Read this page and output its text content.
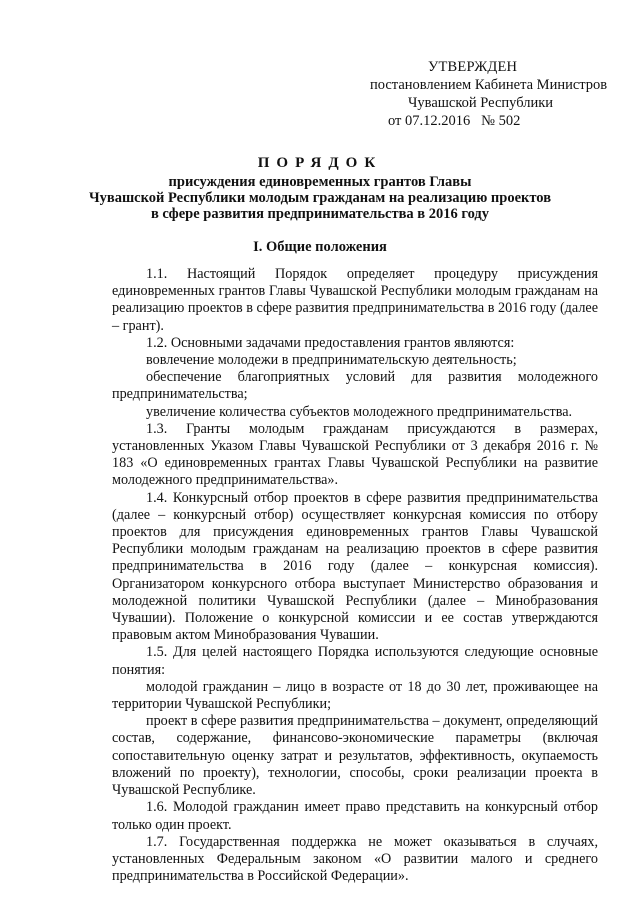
УТВЕРЖДЕН
постановлением Кабинета Министров
Чувашской Республики
от 07.12.2016   № 502
ПОРЯДОК
присуждения единовременных грантов Главы
Чувашской Республики молодым гражданам на реализацию проектов
в сфере развития предпринимательства в 2016 году
I. Общие положения

1.1. Настоящий Порядок определяет процедуру присуждения единовременных грантов Главы Чувашской Республики молодым гражданам на реализацию проектов в сфере развития предпринимательства в 2016 году (далее – грант).

1.2. Основными задачами предоставления грантов являются:

вовлечение молодежи в предпринимательскую деятельность;

обеспечение благоприятных условий для развития молодежного предпринимательства;

увеличение количества субъектов молодежного предпринимательства.

1.3. Гранты молодым гражданам присуждаются в размерах, установленных Указом Главы Чувашской Республики от 3 декабря 2016 г. № 183 «О единовременных грантах Главы Чувашской Республики на развитие молодежного предпринимательства».

1.4. Конкурсный отбор проектов в сфере развития предпринимательства (далее – конкурсный отбор) осуществляет конкурсная комиссия по отбору проектов для присуждения единовременных грантов Главы Чувашской Республики молодым гражданам на реализацию проектов в сфере развития предпринимательства в 2016 году (далее – конкурсная комиссия). Организатором конкурсного отбора выступает Министерство образования и молодежной политики Чувашской Республики (далее – Минобразования Чувашии). Положение о конкурсной комиссии и ее состав утверждаются правовым актом Минобразования Чувашии.

1.5. Для целей настоящего Порядка используются следующие основные понятия:

молодой гражданин – лицо в возрасте от 18 до 30 лет, проживающее на территории Чувашской Республики;

проект в сфере развития предпринимательства – документ, определяющий состав, содержание, финансово-экономические параметры (включая сопоставительную оценку затрат и результатов, эффективность, окупаемость вложений по проекту), технологии, способы, сроки реализации проекта в Чувашской Республике.

1.6. Молодой гражданин имеет право представить на конкурсный отбор только один проект.

1.7. Государственная поддержка не может оказываться в случаях, установленных Федеральным законом «О развитии малого и среднего предпринимательства в Российской Федерации».
